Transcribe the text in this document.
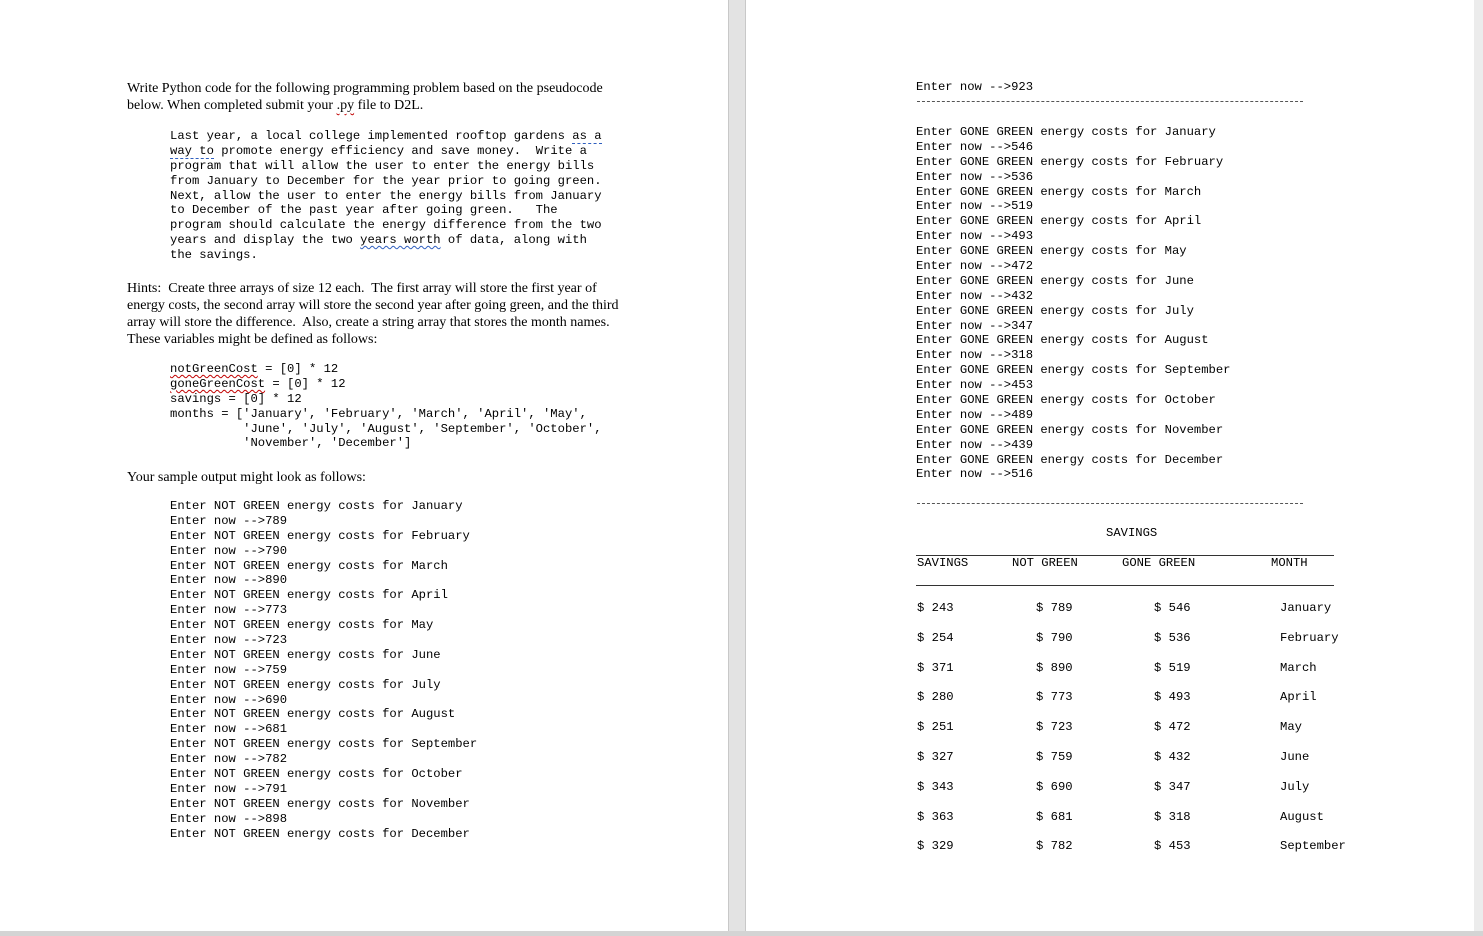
Write Python code for the following programming problem based on the pseudocode
below. When completed submit your .py file to D2L.
Last year, a local college implemented rooftop gardens as a
way to promote energy efficiency and save money.  Write a
program that will allow the user to enter the energy bills
from January to December for the year prior to going green.
Next, allow the user to enter the energy bills from January
to December of the past year after going green.   The
program should calculate the energy difference from the two
years and display the two years worth of data, along with
the savings.
Hints:  Create three arrays of size 12 each.  The first array will store the first year of
energy costs, the second array will store the second year after going green, and the third
array will store the difference.  Also, create a string array that stores the month names.
These variables might be defined as follows:
notGreenCost = [0] * 12
goneGreenCost = [0] * 12
savings = [0] * 12
months = ['January', 'February', 'March', 'April', 'May',
'June', 'July', 'August', 'September', 'October',
'November', 'December']
Your sample output might look as follows:
Enter NOT GREEN energy costs for January
Enter now -->789
Enter NOT GREEN energy costs for February
Enter now -->790
Enter NOT GREEN energy costs for March
Enter now -->890
Enter NOT GREEN energy costs for April
Enter now -->773
Enter NOT GREEN energy costs for May
Enter now -->723
Enter NOT GREEN energy costs for June
Enter now -->759
Enter NOT GREEN energy costs for July
Enter now -->690
Enter NOT GREEN energy costs for August
Enter now -->681
Enter NOT GREEN energy costs for September
Enter now -->782
Enter NOT GREEN energy costs for October
Enter now -->791
Enter NOT GREEN energy costs for November
Enter now -->898
Enter NOT GREEN energy costs for December
Enter now -->923
Enter GONE GREEN energy costs for January
Enter now -->546
Enter GONE GREEN energy costs for February
Enter now -->536
Enter GONE GREEN energy costs for March
Enter now -->519
Enter GONE GREEN energy costs for April
Enter now -->493
Enter GONE GREEN energy costs for May
Enter now -->472
Enter GONE GREEN energy costs for June
Enter now -->432
Enter GONE GREEN energy costs for July
Enter now -->347
Enter GONE GREEN energy costs for August
Enter now -->318
Enter GONE GREEN energy costs for September
Enter now -->453
Enter GONE GREEN energy costs for October
Enter now -->489
Enter GONE GREEN energy costs for November
Enter now -->439
Enter GONE GREEN energy costs for December
Enter now -->516
SAVINGS
SAVINGS	NOT GREEN	GONE GREEN	MONTH
$ 243	$ 789	$ 546	January
$ 254	$ 790	$ 536	February
$ 371	$ 890	$ 519	March
$ 280	$ 773	$ 493	April
$ 251	$ 723	$ 472	May
$ 327	$ 759	$ 432	June
$ 343	$ 690	$ 347	July
$ 363	$ 681	$ 318	August
$ 329	$ 782	$ 453	September
